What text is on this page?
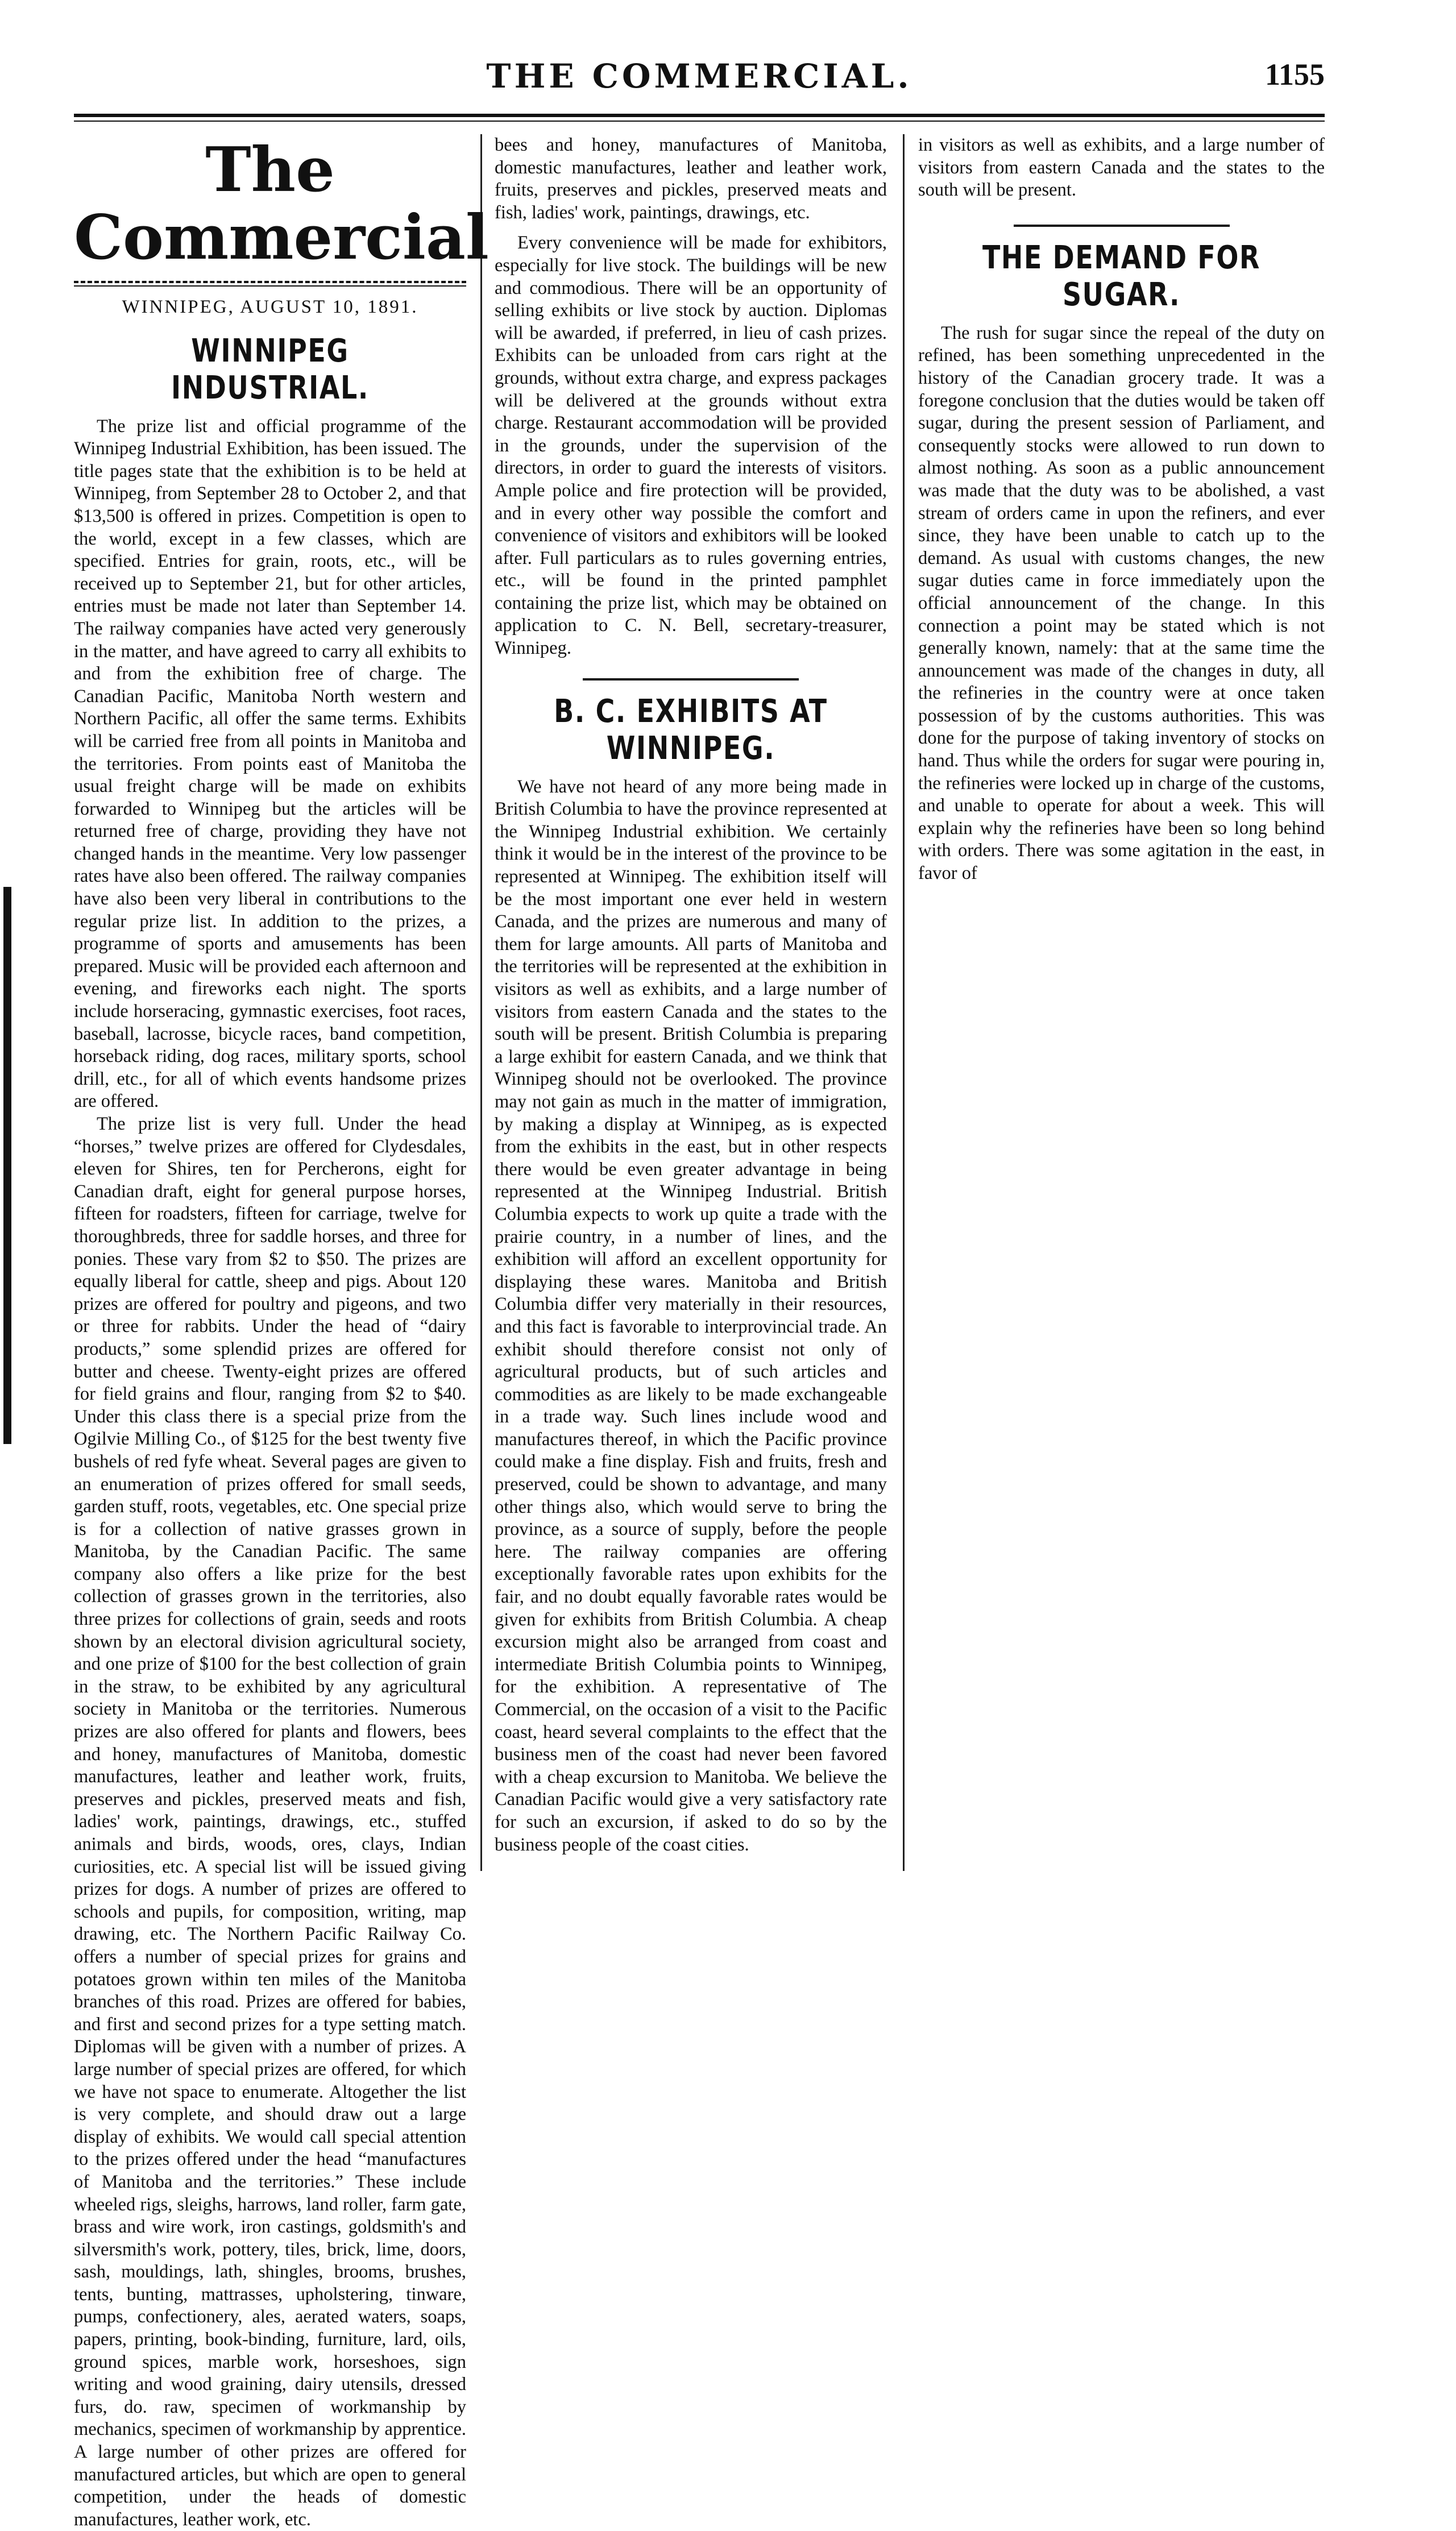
THE COMMERCIAL.	1155
The Commercial
WINNIPEG, AUGUST 10, 1891.
WINNIPEG INDUSTRIAL.

The prize list and official programme of the Winnipeg Industrial Exhibition, has been issued. The title pages state that the exhibition is to be held at Winnipeg, from September 28 to October 2, and that $13,500 is offered in prizes. Competition is open to the world, except in a few classes, which are specified. Entries for grain, roots, etc., will be received up to September 21, but for other articles, entries must be made not later than September 14. The railway companies have acted very generously in the matter, and have agreed to carry all exhibits to and from the exhibition free of charge. The Canadian Pacific, Manitoba North western and Northern Pacific, all offer the same terms. Exhibits will be carried free from all points in Manitoba and the territories. From points east of Manitoba the usual freight charge will be made on exhibits forwarded to Winnipeg but the articles will be returned free of charge, providing they have not changed hands in the meantime. Very low passenger rates have also been offered. The railway companies have also been very liberal in contributions to the regular prize list. In addition to the prizes, a programme of sports and amusements has been prepared. Music will be provided each afternoon and evening, and fireworks each night. The sports include horseracing, gymnastic exercises, foot races, baseball, lacrosse, bicycle races, band competition, horseback riding, dog races, military sports, school drill, etc., for all of which events handsome prizes are offered.

The prize list is very full. Under the head “horses,” twelve prizes are offered for Clydesdales, eleven for Shires, ten for Percherons, eight for Canadian draft, eight for general purpose horses, fifteen for roadsters, fifteen for carriage, twelve for thoroughbreds, three for saddle horses, and three for ponies. These vary from $2 to $50. The prizes are equally liberal for cattle, sheep and pigs. About 120 prizes are offered for poultry and pigeons, and two or three for rabbits. Under the head of “dairy products,” some splendid prizes are offered for butter and cheese. Twenty-eight prizes are offered for field grains and flour, ranging from $2 to $40. Under this class there is a special prize from the Ogilvie Milling Co., of $125 for the best twenty five bushels of red fyfe wheat. Several pages are given to an enumeration of prizes offered for small seeds, garden stuff, roots, vegetables, etc. One special prize is for a collection of native grasses grown in Manitoba, by the Canadian Pacific. The same company also offers a like prize for the best collection of grasses grown in the territories, also three prizes for collections of grain, seeds and roots shown by an electoral division agricultural society, and one prize of $100 for the best collection of grain in the straw, to be exhibited by any agricultural society in Manitoba or the territories. Numerous prizes are also offered for plants and flowers, bees and honey, manufactures of Manitoba, domestic manufactures, leather and leather work, fruits, preserves and pickles, preserved meats and fish, ladies' work, paintings, drawings, etc., stuffed animals and birds, woods, ores, clays, Indian curiosities, etc. A special list will be issued giving prizes for dogs. A number of prizes are offered to schools and pupils, for composition, writing, map drawing, etc. The Northern Pacific Railway Co. offers a number of special prizes for grains and potatoes grown within ten miles of the Manitoba branches of this road. Prizes are offered for babies, and first and second prizes for a type setting match. Diplomas will be given with a number of prizes. A large number of special prizes are offered, for which we have not space to enumerate. Altogether the list is very complete, and should draw out a large display of exhibits. We would call special attention to the prizes offered under the head “manufactures of Manitoba and the territories.” These include wheeled rigs, sleighs, harrows, land roller, farm gate, brass and wire work, iron castings, goldsmith's and silversmith's work, pottery, tiles, brick, lime, doors, sash, mouldings, lath, shingles, brooms, brushes, tents, bunting, mattrasses, upholstering, tinware, pumps, confectionery, ales, aerated waters, soaps, papers, printing, book-binding, furniture, lard, oils, ground spices, marble work, horseshoes, sign writing and wood graining, dairy utensils, dressed furs, do. raw, specimen of workmanship by mechanics, specimen of workmanship by apprentice. A large number of other prizes are offered for manufactured articles, but which are open to general competition, under the heads of domestic manufactures, leather work, etc.

bees and honey, manufactures of Manitoba, domestic manufactures, leather and leather work, fruits, preserves and pickles, preserved meats and fish, ladies' work, paintings, drawings, etc.

Every convenience will be made for exhibitors, especially for live stock. The buildings will be new and commodious. There will be an opportunity of selling exhibits or live stock by auction. Diplomas will be awarded, if preferred, in lieu of cash prizes. Exhibits can be unloaded from cars right at the grounds, without extra charge, and express packages will be delivered at the grounds without extra charge. Restaurant accommodation will be provided in the grounds, under the supervision of the directors, in order to guard the interests of visitors. Ample police and fire protection will be provided, and in every other way possible the comfort and convenience of visitors and exhibitors will be looked after. Full particulars as to rules governing entries, etc., will be found in the printed pamphlet containing the prize list, which may be obtained on application to C. N. Bell, secretary-treasurer, Winnipeg.

B. C. EXHIBITS AT WINNIPEG.

We have not heard of any more being made in British Columbia to have the province represented at the Winnipeg Industrial exhibition. We certainly think it would be in the interest of the province to be represented at Winnipeg. The exhibition itself will be the most important one ever held in western Canada, and the prizes are numerous and many of them for large amounts. All parts of Manitoba and the territories will be represented at the exhibition in visitors as well as exhibits, and a large number of visitors from eastern Canada and the states to the south will be present. British Columbia is preparing a large exhibit for eastern Canada, and we think that Winnipeg should not be overlooked. The province may not gain as much in the matter of immigration, by making a display at Winnipeg, as is expected from the exhibits in the east, but in other respects there would be even greater advantage in being represented at the Winnipeg Industrial. British Columbia expects to work up quite a trade with the prairie country, in a number of lines, and the exhibition will afford an excellent opportunity for displaying these wares. Manitoba and British Columbia differ very materially in their resources, and this fact is favorable to interprovincial trade. An exhibit should therefore consist not only of agricultural products, but of such articles and commodities as are likely to be made exchangeable in a trade way. Such lines include wood and manufactures thereof, in which the Pacific province could make a fine display. Fish and fruits, fresh and preserved, could be shown to advantage, and many other things also, which would serve to bring the province, as a source of supply, before the people here. The railway companies are offering exceptionally favorable rates upon exhibits for the fair, and no doubt equally favorable rates would be given for exhibits from British Columbia. A cheap excursion might also be arranged from coast and intermediate British Columbia points to Winnipeg, for the exhibition. A representative of The Commercial, on the occasion of a visit to the Pacific coast, heard several complaints to the effect that the business men of the coast had never been favored with a cheap excursion to Manitoba. We believe the Canadian Pacific would give a very satisfactory rate for such an excursion, if asked to do so by the business people of the coast cities.

in visitors as well as exhibits, and a large number of visitors from eastern Canada and the states to the south will be present.

THE DEMAND FOR SUGAR.

The rush for sugar since the repeal of the duty on refined, has been something unprecedented in the history of the Canadian grocery trade. It was a foregone conclusion that the duties would be taken off sugar, during the present session of Parliament, and consequently stocks were allowed to run down to almost nothing. As soon as a public announcement was made that the duty was to be abolished, a vast stream of orders came in upon the refiners, and ever since, they have been unable to catch up to the demand. As usual with customs changes, the new sugar duties came in force immediately upon the official announcement of the change. In this connection a point may be stated which is not generally known, namely: that at the same time the announcement was made of the changes in duty, all the refineries in the country were at once taken possession of by the customs authorities. This was done for the purpose of taking inventory of stocks on hand. Thus while the orders for sugar were pouring in, the refineries were locked up in charge of the customs, and unable to operate for about a week. This will explain why the refineries have been so long behind with orders. There was some agitation in the east, in favor of
